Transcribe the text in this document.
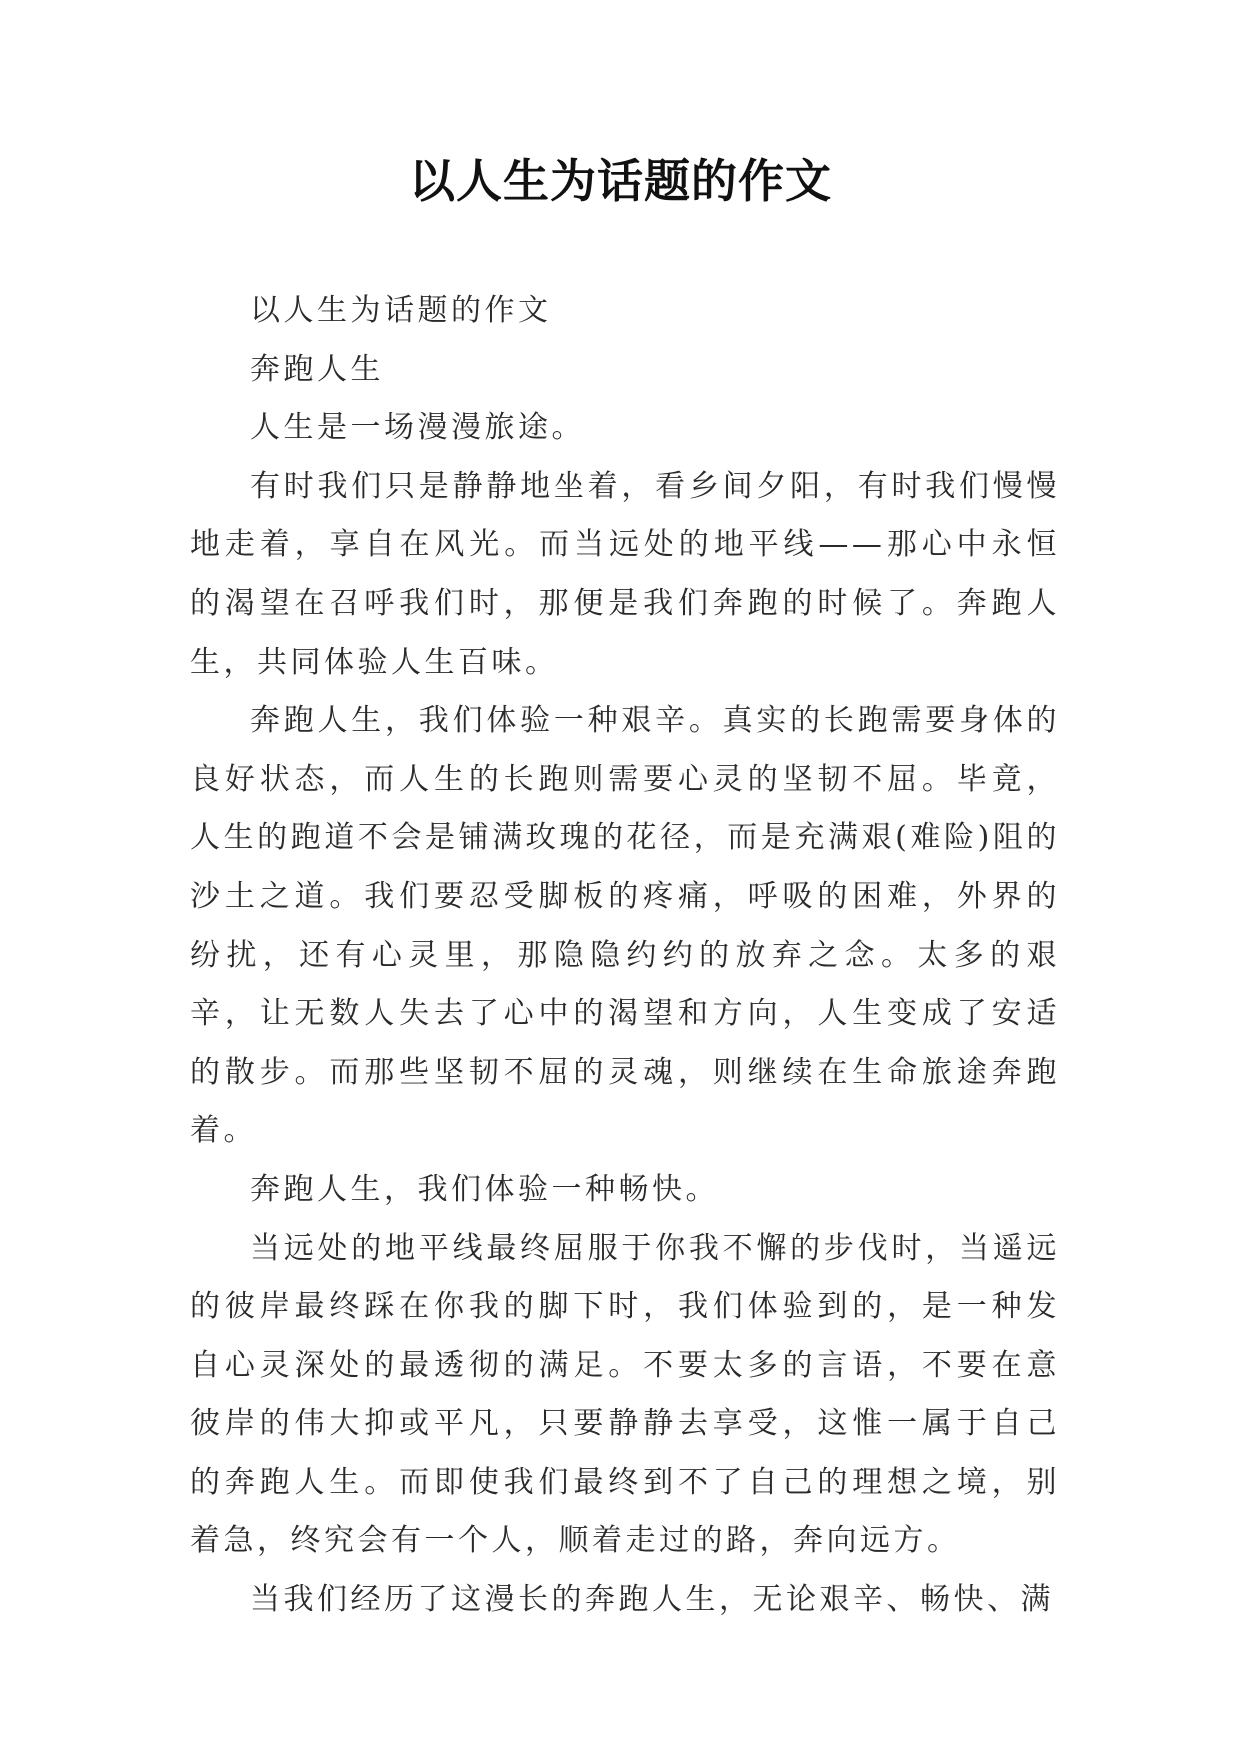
以人生为话题的作文

以人生为话题的作文

奔跑人生

人生是一场漫漫旅途。

有时我们只是静静地坐着，看乡间夕阳，有时我们慢慢地走着，享自在风光。而当远处的地平线——那心中永恒的渴望在召呼我们时，那便是我们奔跑的时候了。奔跑人生，共同体验人生百味。

奔跑人生，我们体验一种艰辛。真实的长跑需要身体的良好状态，而人生的长跑则需要心灵的坚韧不屈。毕竟，人生的跑道不会是铺满玫瑰的花径，而是充满艰(难险)阻的沙土之道。我们要忍受脚板的疼痛，呼吸的困难，外界的纷扰，还有心灵里，那隐隐约约的放弃之念。太多的艰辛，让无数人失去了心中的渴望和方向，人生变成了安适的散步。而那些坚韧不屈的灵魂，则继续在生命旅途奔跑着。

奔跑人生，我们体验一种畅快。

当远处的地平线最终屈服于你我不懈的步伐时，当遥远的彼岸最终踩在你我的脚下时，我们体验到的，是一种发自心灵深处的最透彻的满足。不要太多的言语，不要在意彼岸的伟大抑或平凡，只要静静去享受，这惟一属于自己的奔跑人生。而即使我们最终到不了自己的理想之境，别着急，终究会有一个人，顺着走过的路，奔向远方。

当我们经历了这漫长的奔跑人生，无论艰辛、畅快、满
